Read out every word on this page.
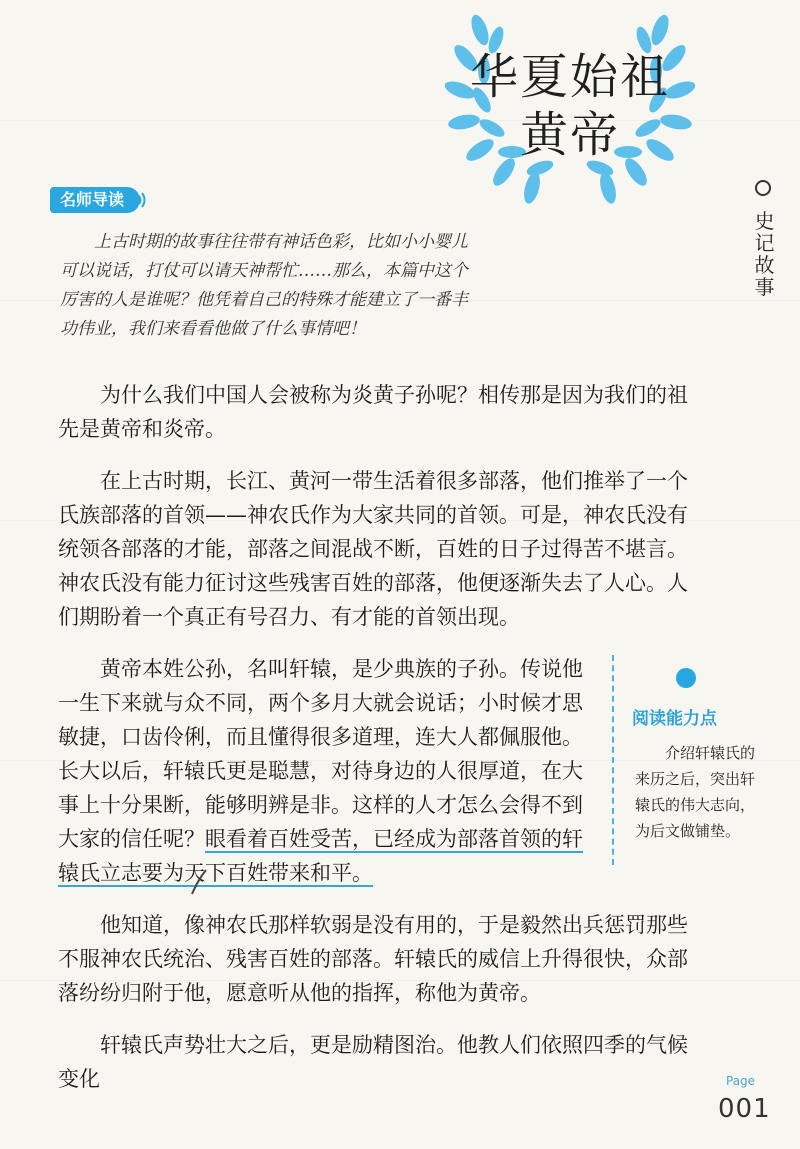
华夏始祖
黄帝
史记故事
名师导读
上古时期的故事往往带有神话色彩，比如小小婴儿可以说话，打仗可以请天神帮忙……那么，本篇中这个厉害的人是谁呢？他凭着自己的特殊才能建立了一番丰功伟业，我们来看看他做了什么事情吧！

为什么我们中国人会被称为炎黄子孙呢？相传那是因为我们的祖先是黄帝和炎帝。

在上古时期，长江、黄河一带生活着很多部落，他们推举了一个氏族部落的首领——神农氏作为大家共同的首领。可是，神农氏没有统领各部落的才能，部落之间混战不断，百姓的日子过得苦不堪言。神农氏没有能力征讨这些残害百姓的部落，他便逐渐失去了人心。人们期盼着一个真正有号召力、有才能的首领出现。

黄帝本姓公孙，名叫轩辕，是少典族的子孙。传说他一生下来就与众不同，两个多月大就会说话；小时候才思敏捷，口齿伶俐，而且懂得很多道理，连大人都佩服他。长大以后，轩辕氏更是聪慧，对待身边的人很厚道，在大事上十分果断，能够明辨是非。这样的人才怎么会得不到大家的信任呢？眼看着百姓受苦，已经成为部落首领的轩辕氏立志要为天下百姓带来和平。

他知道，像神农氏那样软弱是没有用的，于是毅然出兵惩罚那些不服神农氏统治、残害百姓的部落。轩辕氏的威信上升得很快，众部落纷纷归附于他，愿意听从他的指挥，称他为黄帝。

轩辕氏声势壮大之后，更是励精图治。他教人们依照四季的气候变化

阅读能力点
介绍轩辕氏的来历之后，突出轩辕氏的伟大志向，为后文做铺垫。
Page
001
